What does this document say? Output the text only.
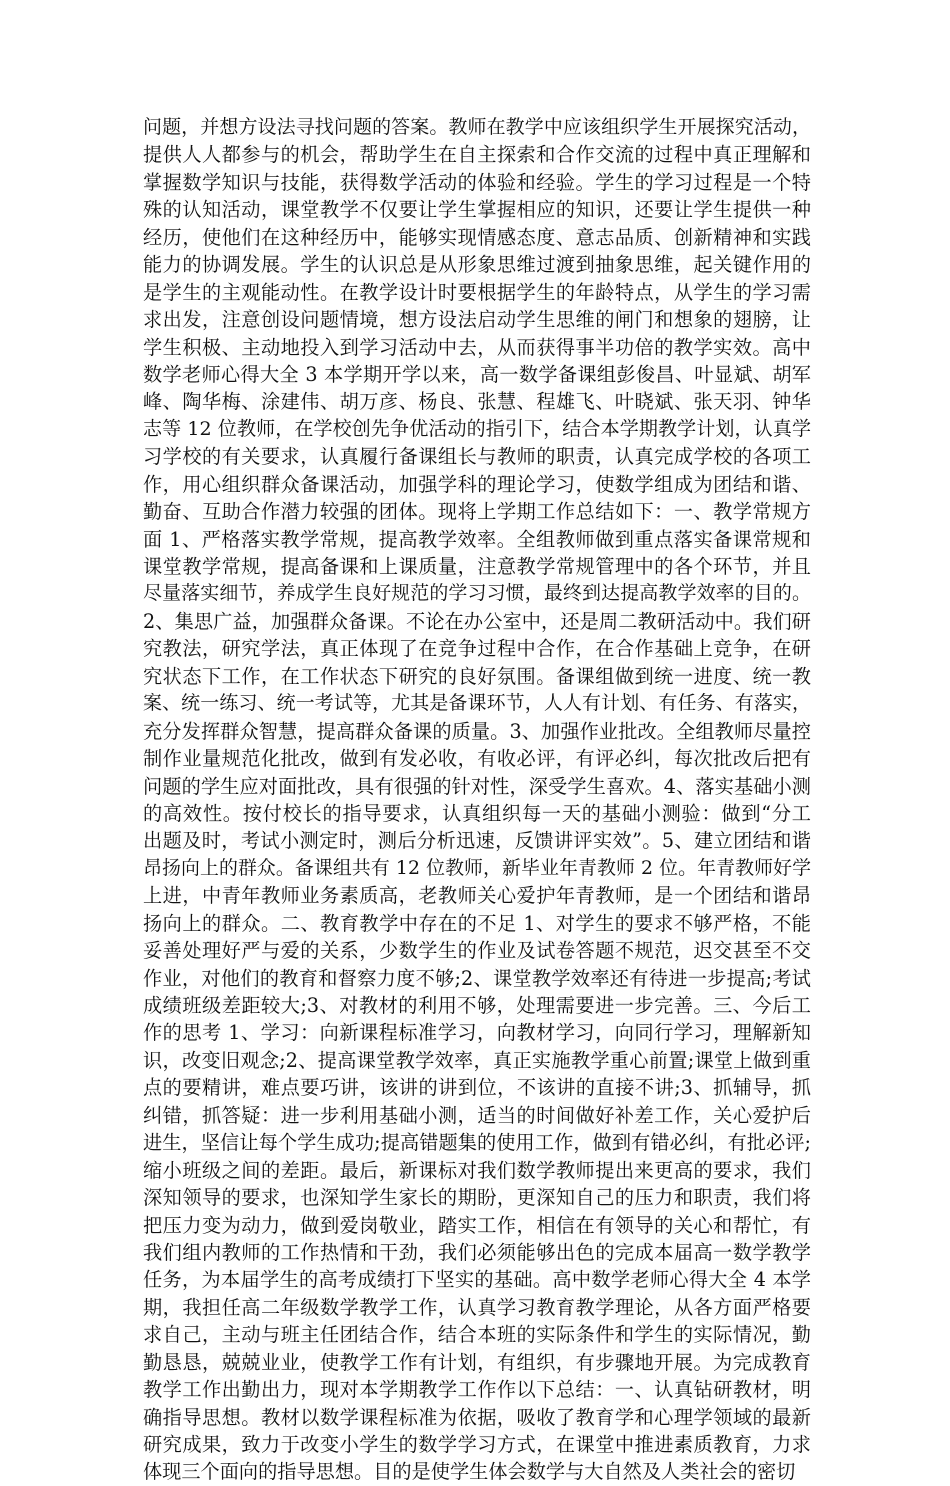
问题，并想方设法寻找问题的答案。教师在教学中应该组织学生开展探究活动，
提供人人都参与的机会，帮助学生在自主探索和合作交流的过程中真正理解和
掌握数学知识与技能，获得数学活动的体验和经验。学生的学习过程是一个特
殊的认知活动，课堂教学不仅要让学生掌握相应的知识，还要让学生提供一种
经历，使他们在这种经历中，能够实现情感态度、意志品质、创新精神和实践
能力的协调发展。学生的认识总是从形象思维过渡到抽象思维，起关键作用的
是学生的主观能动性。在教学设计时要根据学生的年龄特点，从学生的学习需
求出发，注意创设问题情境，想方设法启动学生思维的闸门和想象的翅膀，让
学生积极、主动地投入到学习活动中去，从而获得事半功倍的教学实效。高中
数学老师心得大全 3 本学期开学以来，高一数学备课组彭俊昌、叶显斌、胡军
峰、陶华梅、涂建伟、胡万彦、杨良、张慧、程雄飞、叶晓斌、张天羽、钟华
志等 12 位教师，在学校创先争优活动的指引下，结合本学期教学计划，认真学
习学校的有关要求，认真履行备课组长与教师的职责，认真完成学校的各项工
作，用心组织群众备课活动，加强学科的理论学习，使数学组成为团结和谐、
勤奋、互助合作潜力较强的团体。现将上学期工作总结如下：一、教学常规方
面 1、严格落实教学常规，提高教学效率。全组教师做到重点落实备课常规和
课堂教学常规，提高备课和上课质量，注意教学常规管理中的各个环节，并且
尽量落实细节，养成学生良好规范的学习习惯，最终到达提高教学效率的目的。
2、集思广益，加强群众备课。不论在办公室中，还是周二教研活动中。我们研
究教法，研究学法，真正体现了在竞争过程中合作，在合作基础上竞争，在研
究状态下工作，在工作状态下研究的良好氛围。备课组做到统一进度、统一教
案、统一练习、统一考试等，尤其是备课环节，人人有计划、有任务、有落实，
充分发挥群众智慧，提高群众备课的质量。3、加强作业批改。全组教师尽量控
制作业量规范化批改，做到有发必收，有收必评，有评必纠，每次批改后把有
问题的学生应对面批改，具有很强的针对性，深受学生喜欢。4、落实基础小测
的高效性。按付校长的指导要求，认真组织每一天的基础小测验：做到“分工
出题及时，考试小测定时，测后分析迅速，反馈讲评实效”。5、建立团结和谐
昂扬向上的群众。备课组共有 12 位教师，新毕业年青教师 2 位。年青教师好学
上进，中青年教师业务素质高，老教师关心爱护年青教师，是一个团结和谐昂
扬向上的群众。二、教育教学中存在的不足 1、对学生的要求不够严格，不能
妥善处理好严与爱的关系，少数学生的作业及试卷答题不规范，迟交甚至不交
作业，对他们的教育和督察力度不够;2、课堂教学效率还有待进一步提高;考试
成绩班级差距较大;3、对教材的利用不够，处理需要进一步完善。三、今后工
作的思考 1、学习：向新课程标准学习，向教材学习，向同行学习，理解新知
识，改变旧观念;2、提高课堂教学效率，真正实施教学重心前置;课堂上做到重
点的要精讲，难点要巧讲，该讲的讲到位，不该讲的直接不讲;3、抓辅导，抓
纠错，抓答疑：进一步利用基础小测，适当的时间做好补差工作，关心爱护后
进生，坚信让每个学生成功;提高错题集的使用工作，做到有错必纠，有批必评;
缩小班级之间的差距。最后，新课标对我们数学教师提出来更高的要求，我们
深知领导的要求，也深知学生家长的期盼，更深知自己的压力和职责，我们将
把压力变为动力，做到爱岗敬业，踏实工作，相信在有领导的关心和帮忙，有
我们组内教师的工作热情和干劲，我们必须能够出色的完成本届高一数学教学
任务，为本届学生的高考成绩打下坚实的基础。高中数学老师心得大全 4 本学
期，我担任高二年级数学教学工作，认真学习教育教学理论，从各方面严格要
求自己，主动与班主任团结合作，结合本班的实际条件和学生的实际情况，勤
勤恳恳，兢兢业业，使教学工作有计划，有组织，有步骤地开展。为完成教育
教学工作出勤出力，现对本学期教学工作作以下总结：一、认真钻研教材，明
确指导思想。教材以数学课程标准为依据，吸收了教育学和心理学领域的最新
研究成果，致力于改变小学生的数学学习方式，在课堂中推进素质教育，力求
体现三个面向的指导思想。目的是使学生体会数学与大自然及人类社会的密切
